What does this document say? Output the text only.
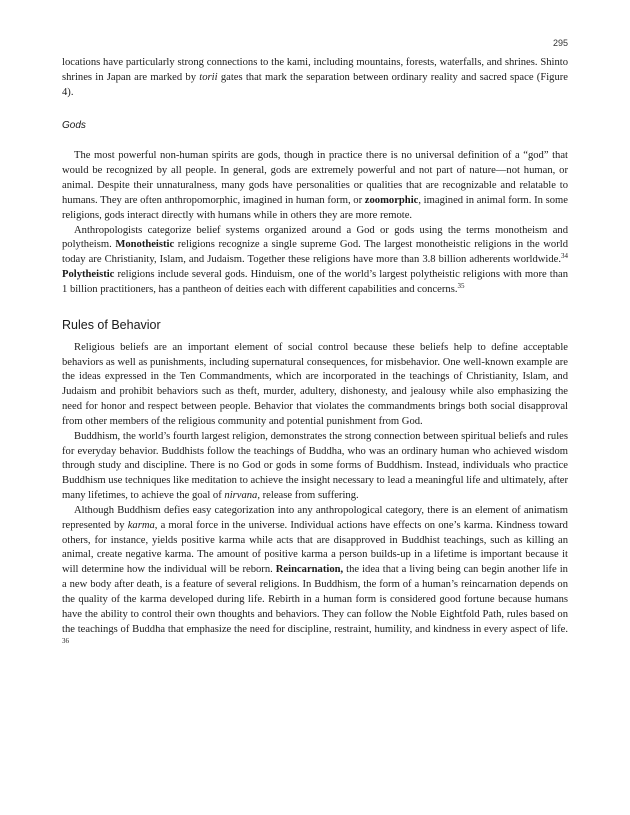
295

locations have particularly strong connections to the kami, including mountains, forests, waterfalls, and shrines. Shinto shrines in Japan are marked by torii gates that mark the separation between ordinary reality and sacred space (Figure 4).

Gods

The most powerful non-human spirits are gods, though in practice there is no universal definition of a “god” that would be recognized by all people. In general, gods are extremely powerful and not part of nature—not human, or animal. Despite their unnaturalness, many gods have personalities or qualities that are recognizable and relatable to humans. They are often anthropomorphic, imagined in human form, or zoomorphic, imagined in animal form. In some religions, gods interact directly with humans while in others they are more remote.

Anthropologists categorize belief systems organized around a God or gods using the terms monotheism and polytheism. Monotheistic religions recognize a single supreme God. The largest monotheistic religions in the world today are Christianity, Islam, and Judaism. Together these religions have more than 3.8 billion adherents worldwide.$^{34}$ Polytheistic religions include several gods. Hinduism, one of the world’s largest polytheistic religions with more than 1 billion practitioners, has a pantheon of deities each with different capabilities and concerns.$^{35}$

Rules of Behavior

Religious beliefs are an important element of social control because these beliefs help to define acceptable behaviors as well as punishments, including supernatural consequences, for misbehavior. One well-known example are the ideas expressed in the Ten Commandments, which are incorporated in the teachings of Christianity, Islam, and Judaism and prohibit behaviors such as theft, murder, adultery, dishonesty, and jealousy while also emphasizing the need for honor and respect between people. Behavior that violates the commandments brings both social disapproval from other members of the religious community and potential punishment from God.

Buddhism, the world’s fourth largest religion, demonstrates the strong connection between spiritual beliefs and rules for everyday behavior. Buddhists follow the teachings of Buddha, who was an ordinary human who achieved wisdom through study and discipline. There is no God or gods in some forms of Buddhism. Instead, individuals who practice Buddhism use techniques like meditation to achieve the insight necessary to lead a meaningful life and ultimately, after many lifetimes, to achieve the goal of nirvana, release from suffering.

Although Buddhism defies easy categorization into any anthropological category, there is an element of animatism represented by karma, a moral force in the universe. Individual actions have effects on one’s karma. Kindness toward others, for instance, yields positive karma while acts that are disapproved in Buddhist teachings, such as killing an animal, create negative karma. The amount of positive karma a person builds-up in a lifetime is important because it will determine how the individual will be reborn. Reincarnation, the idea that a living being can begin another life in a new body after death, is a feature of several religions. In Buddhism, the form of a human’s reincarnation depends on the quality of the karma developed during life. Rebirth in a human form is considered good fortune because humans have the ability to control their own thoughts and behaviors. They can follow the Noble Eightfold Path, rules based on the teachings of Buddha that emphasize the need for discipline, restraint, humility, and kindness in every aspect of life. $^{36}$
